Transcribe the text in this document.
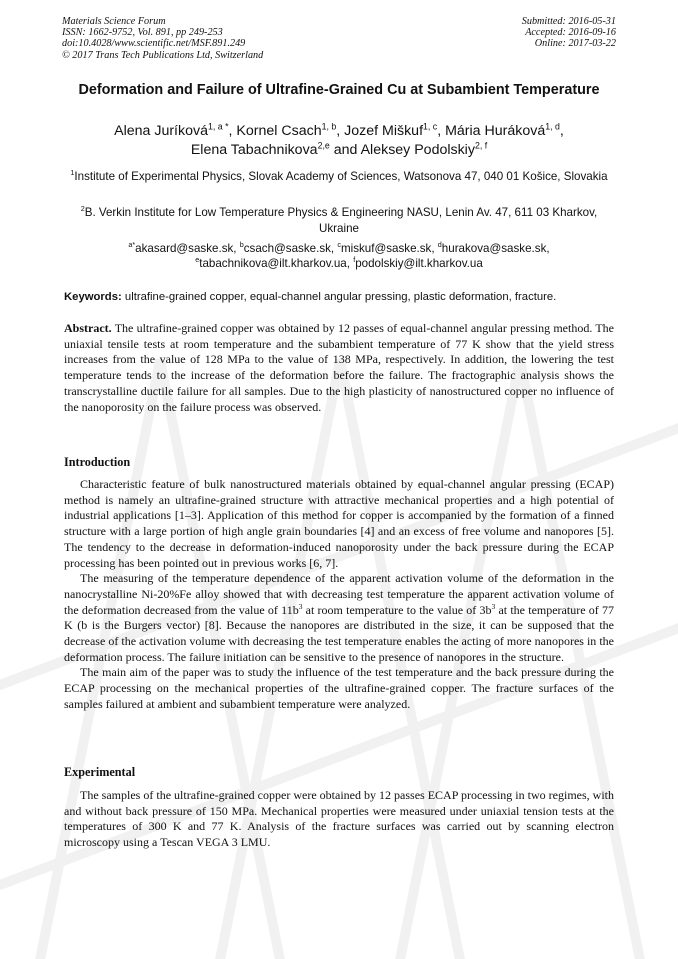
Materials Science Forum
ISSN: 1662-9752, Vol. 891, pp 249-253
doi:10.4028/www.scientific.net/MSF.891.249
© 2017 Trans Tech Publications Ltd, Switzerland
Submitted: 2016-05-31
Accepted: 2016-09-16
Online: 2017-03-22
Deformation and Failure of Ultrafine-Grained Cu at Subambient Temperature
Alena Juríková$^{1, a *}$, Kornel Csach$^{1, b}$, Jozef Miškuf$^{1, c}$, Mária Huráková$^{1, d}$,
Elena Tabachnikova$^{2,e}$ and Aleksey Podolskiy$^{2, f}$
$^1$Institute of Experimental Physics, Slovak Academy of Sciences, Watsonova 47, 040 01 Košice, Slovakia
$^2$B. Verkin Institute for Low Temperature Physics & Engineering NASU, Lenin Av. 47, 611 03 Kharkov, Ukraine
$^{a*}$akasard@saske.sk, $^b$csach@saske.sk, $^c$miskuf@saske.sk, $^d$hurakova@saske.sk,
$^e$tabachnikova@ilt.kharkov.ua, $^f$podolskiy@ilt.kharkov.ua
Keywords: ultrafine-grained copper, equal-channel angular pressing, plastic deformation, fracture.
Abstract. The ultrafine-grained copper was obtained by 12 passes of equal-channel angular pressing method. The uniaxial tensile tests at room temperature and the subambient temperature of 77 K show that the yield stress increases from the value of 128 MPa to the value of 138 MPa, respectively. In addition, the lowering the test temperature tends to the increase of the deformation before the failure. The fractographic analysis shows the transcrystalline ductile failure for all samples. Due to the high plasticity of nanostructured copper no influence of the nanoporosity on the failure process was observed.
Introduction

Characteristic feature of bulk nanostructured materials obtained by equal-channel angular pressing (ECAP) method is namely an ultrafine-grained structure with attractive mechanical properties and a high potential of industrial applications [1–3]. Application of this method for copper is accompanied by the formation of a finned structure with a large portion of high angle grain boundaries [4] and an excess of free volume and nanopores [5]. The tendency to the decrease in deformation-induced nanoporosity under the back pressure during the ECAP processing has been pointed out in previous works [6, 7].

The measuring of the temperature dependence of the apparent activation volume of the deformation in the nanocrystalline Ni-20%Fe alloy showed that with decreasing test temperature the apparent activation volume of the deformation decreased from the value of $11b^3$ at room temperature to the value of $3b^3$ at the temperature of 77 K (b is the Burgers vector) [8]. Because the nanopores are distributed in the size, it can be supposed that the decrease of the activation volume with decreasing the test temperature enables the acting of more nanopores in the deformation process. The failure initiation can be sensitive to the presence of nanopores in the structure.

The main aim of the paper was to study the influence of the test temperature and the back pressure during the ECAP processing on the mechanical properties of the ultrafine-grained copper. The fracture surfaces of the samples failured at ambient and subambient temperature were analyzed.

Experimental

The samples of the ultrafine-grained copper were obtained by 12 passes ECAP processing in two regimes, with and without back pressure of 150 MPa. Mechanical properties were measured under uniaxial tension tests at the temperatures of 300 K and 77 K. Analysis of the fracture surfaces was carried out by scanning electron microscopy using a Tescan VEGA 3 LMU.
